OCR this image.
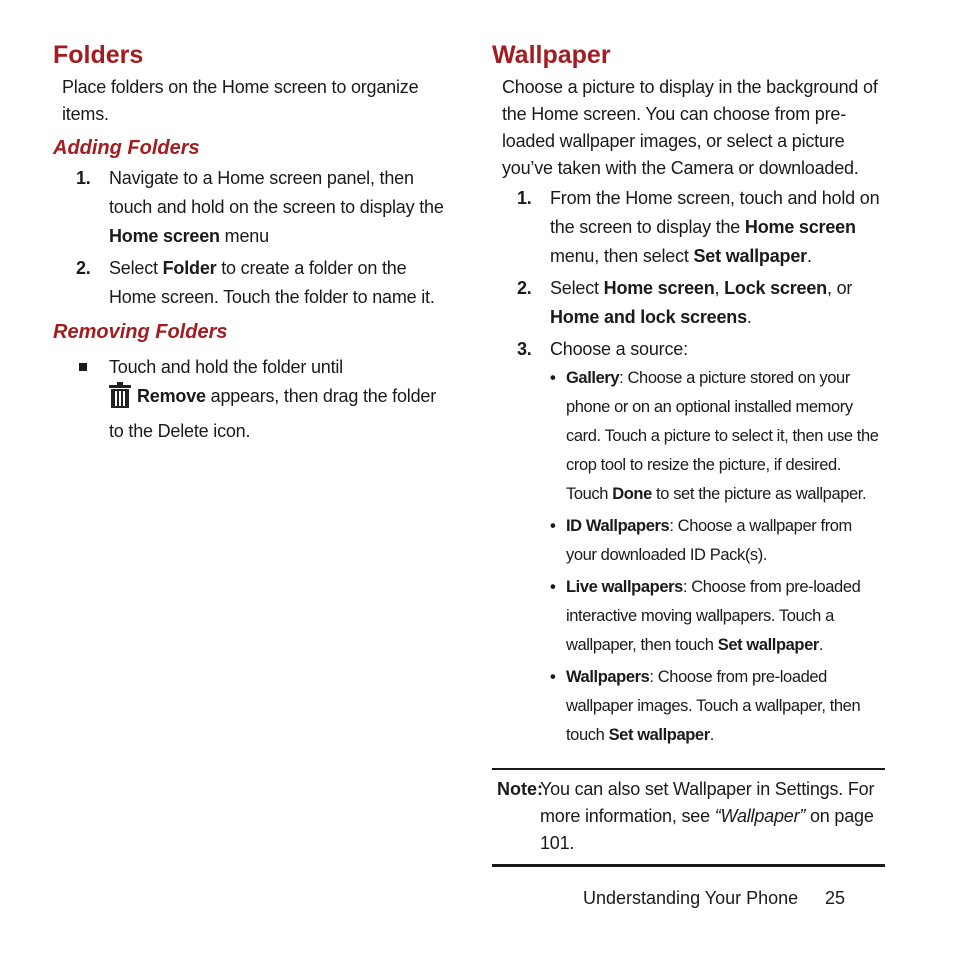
Folders

Place folders on the Home screen to organize items.

Adding Folders
1. Navigate to a Home screen panel, then touch and hold on the screen to display the Home screen menu
2. Select Folder to create a folder on the Home screen. Touch the folder to name it.
Removing Folders
Touch and hold the folder until
Remove appears, then drag the folder
to the Delete icon.
Wallpaper

Choose a picture to display in the background of the Home screen. You can choose from pre-loaded wallpaper images, or select a picture you’ve taken with the Camera or downloaded.

1. From the Home screen, touch and hold on the screen to display the Home screen menu, then select Set wallpaper.
2. Select Home screen, Lock screen, or Home and lock screens.
3. Choose a source:
• Gallery: Choose a picture stored on your phone or on an optional installed memory card. Touch a picture to select it, then use the crop tool to resize the picture, if desired. Touch Done to set the picture as wallpaper.
• ID Wallpapers: Choose a wallpaper from your downloaded ID Pack(s).
• Live wallpapers: Choose from pre-loaded interactive moving wallpapers. Touch a wallpaper, then touch Set wallpaper.
• Wallpapers: Choose from pre-loaded wallpaper images. Touch a wallpaper, then touch Set wallpaper.
Note:
You can also set Wallpaper in Settings. For more information, see “Wallpaper” on page 101.
Understanding Your Phone 25
